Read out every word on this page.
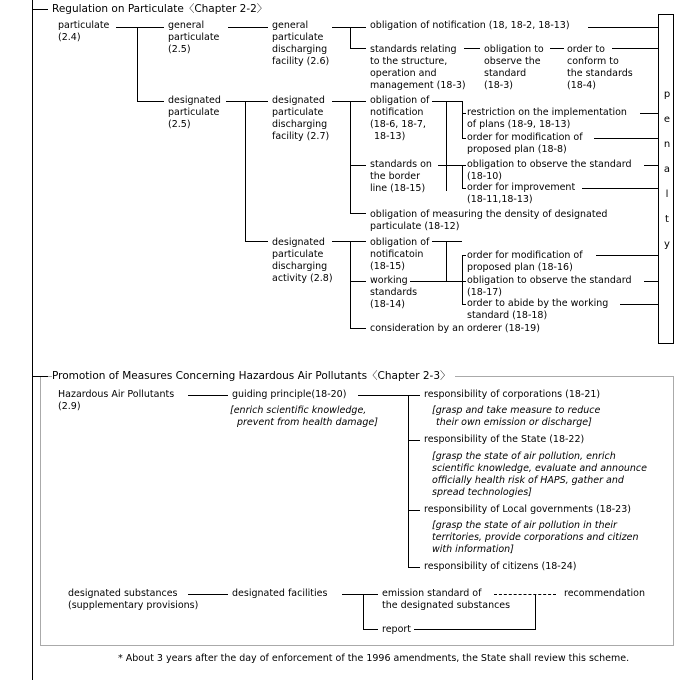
Regulation on Particulate〈Chapter 2-2〉

particulate

(2.4)

general

particulate

(2.5)

general

particulate

discharging

facility (2.6)

obligation of notification (18, 18-2, 18-13)

standards relating

to the structure,

operation and

management (18-3)

obligation to

observe the

standard

(18-3)

order to

conform to

the standards

(18-4)

designated

particulate

(2.5)

designated

particulate

discharging

facility (2.7)

obligation of

notification

(18-6, 18-7,

18-13)

restriction on the implementation

of plans (18-9, 18-13)

order for modification of

proposed plan (18-8)

standards on

the border

line (18-15)

obligation to observe the standard

(18-10)

order for improvement

(18-11,18-13)

obligation of measuring the density of designated

particulate (18-12)

designated

particulate

discharging

activity (2.8)

obligation of

notificatoin

(18-15)

working

standards

(18-14)

order for modification of

proposed plan (18-16)

obligation to observe the standard

(18-17)

order to abide by the working

standard (18-18)

consideration by an orderer (18-19)

p
e
n
a
l
t
y

Promotion of Measures Concerning Hazardous Air Pollutants〈Chapter 2-3〉

Hazardous Air Pollutants

(2.9)

guiding principle(18-20)

[enrich scientific knowledge,

prevent from health damage]

responsibility of corporations (18-21)

[grasp and take measure to reduce

their own emission or discharge]

responsibility of the State (18-22)

[grasp the state of air pollution, enrich

scientific knowledge, evaluate and announce

officially health risk of HAPS, gather and

spread technologies]

responsibility of Local governments (18-23)

[grasp the state of air pollution in their

territories, provide corporations and citizen

with information]

responsibility of citizens (18-24)

designated substances

(supplementary provisions)

designated facilities	emission standard of

the designated substances

recommendation

report

* About 3 years after the day of enforcement of the 1996 amendments, the State shall review this scheme.
